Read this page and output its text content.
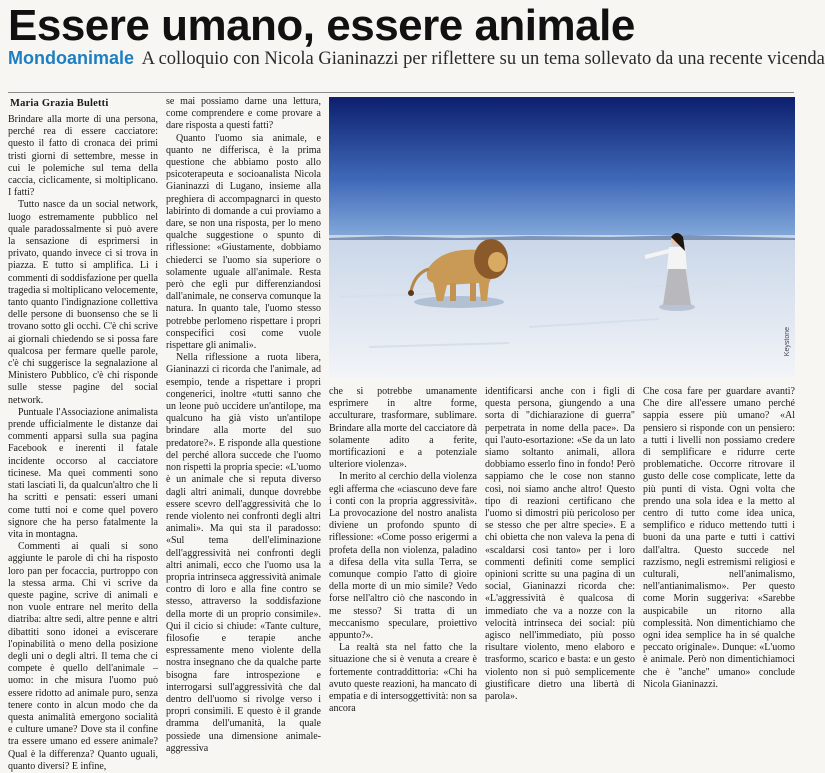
Essere umano, essere animale
Mondoanimale A colloquio con Nicola Gianinazzi per riflettere su un tema sollevato da una recente vicenda
Maria Grazia Buletti

Brindare alla morte di una persona, perché rea di essere cacciatore: questo il fatto di cronaca dei primi tristi giorni di settembre, messe in cui le polemiche sul tema della caccia, ciclicamente, si moltiplicano. I fatti?

Tutto nasce da un social network, luogo estremamente pubblico nel quale paradossalmente si può avere la sensazione di esprimersi in privato, quando invece ci si trova in piazza. E tutto si amplifica. Li i commenti di soddisfazione per quella tragedia si moltiplicano velocemente, tanto quanto l'indignazione collettiva delle persone di buonsenso che se li trovano sotto gli occhi. C'è chi scrive ai giornali chiedendo se si possa fare qualcosa per fermare quelle parole, c'è chi suggerisce la segnalazione al Ministero Pubblico, c'è chi risponde sulle stesse pagine del social network.

Puntuale l'Associazione animalista prende ufficialmente le distanze dai commenti apparsi sulla sua pagina Facebook e inerenti il fatale incidente occorso al cacciatore ticinese. Ma quei commenti sono stati lasciati lì, da qualcun'altro che li ha scritti e pensati: esseri umani come tutti noi e come quel povero signore che ha perso fatalmente la vita in montagna.

Commenti ai quali si sono aggiunte le parole di chi ha risposto loro pan per focaccia, purtroppo con la stessa arma. Chi vi scrive da queste pagine, scrive di animali e non vuole entrare nel merito della diatriba: altre sedi, altre penne e altri dibattiti sono idonei a eviscerare l'opinabilità o meno della posizione degli uni o degli altri. Il tema che ci compete è quello dell'animale – uomo: in che misura l'uomo può essere ridotto ad animale puro, senza tenere conto in alcun modo che da questa animalità emergono socialità e culture umane? Dove sta il confine tra essere umano ed essere animale? Qual è la differenza? Quanto uguali, quanto diversi? E infine,

se mai possiamo darne una lettura, come comprendere e come provare a dare risposta a questi fatti?

Quanto l'uomo sia animale, e quanto ne differisca, è la prima questione che abbiamo posto allo psicoterapeuta e socioanalista Nicola Gianinazzi di Lugano, insieme alla preghiera di accompagnarci in questo labirinto di domande a cui proviamo a dare, se non una risposta, per lo meno qualche suggestione o spunto di riflessione: «Giustamente, dobbiamo chiederci se l'uomo sia superiore o solamente uguale all'animale. Resta però che egli pur differenziandosi dall'animale, ne conserva comunque la natura. In quanto tale, l'uomo stesso potrebbe perlomeno rispettare i propri conspecifici così come vuole rispettare gli animali».

Nella riflessione a ruota libera, Gianinazzi ci ricorda che l'animale, ad esempio, tende a rispettare i propri congenerici, inoltre «tutti sanno che un leone può uccidere un'antilope, ma qualcuno ha già visto un'antilope brindare alla morte del suo predatore?». E risponde alla questione del perché allora succede che l'uomo non rispetti la propria specie: «L'uomo è un animale che si reputa diverso dagli altri animali, dunque dovrebbe essere scevro dell'aggressività che lo rende violento nei confronti degli altri animali». Ma qui sta il paradosso: «Sul tema dell'eliminazione dell'aggressività nei confronti degli altri animali, ecco che l'uomo usa la propria intrinseca aggressività animale contro di loro e alla fine contro se stesso, attraverso la soddisfazione della morte di un proprio consimile». Qui il cicio si chiude: «Tante culture, filosofie e terapie anche espressamente meno violente della nostra insegnano che da qualche parte bisogna fare introspezione e interrogarsi sull'aggressività che dal dentro dell'uomo si rivolge verso i propri consimili. E questo è il grande dramma dell'umanità, la quale possiede una dimensione animale-aggressiva

Keystone

che si potrebbe umanamente esprimere in altre forme, acculturare, trasformare, sublimare. Brindare alla morte del cacciatore dà solamente adito a ferite, mortificazioni e a potenziale ulteriore violenza».

In merito al cerchio della violenza egli afferma che «ciascuno deve fare i conti con la propria aggressività». La provocazione del nostro analista diviene un profondo spunto di riflessione: «Come posso erigermi a profeta della non violenza, paladino a difesa della vita sulla Terra, se comunque compio l'atto di gioire della morte di un mio simile? Vedo forse nell'altro ciò che nascondo in me stesso? Si tratta di un meccanismo speculare, proiettivo appunto?».

La realtà sta nel fatto che la situazione che si è venuta a creare è fortemente contraddittoria: «Chi ha avuto queste reazioni, ha mancato di empatia e di intersoggettività: non sa ancora

identificarsi anche con i figli di questa persona, giungendo a una sorta di "dichiarazione di guerra" perpetrata in nome della pace». Da qui l'auto-esortazione: «Se da un lato siamo soltanto animali, allora dobbiamo esserlo fino in fondo! Però sappiamo che le cose non stanno così, noi siamo anche altro! Questo tipo di reazioni certificano che l'uomo si dimostri più pericoloso per se stesso che per altre specie». E a chi obietta che non valeva la pena di «scaldarsi così tanto» per i loro commenti definiti come semplici opinioni scritte su una pagina di un social, Gianinazzi ricorda che: «L'aggressività è qualcosa di immediato che va a nozze con la velocità intrinseca dei social: più agisco nell'immediato, più posso risultare violento, meno elaboro e trasformo, scarico e basta: e un gesto violento non si può semplicemente giustificare dietro una libertà di parola».

Che cosa fare per guardare avanti? Che dire all'essere umano perché sappia essere più umano? «Al pensiero si risponde con un pensiero: a tutti i livelli non possiamo credere di semplificare e ridurre certe problematiche. Occorre ritrovare il gusto delle cose complicate, lette da più punti di vista. Ogni volta che prendo una sola idea e la metto al centro di tutto come idea unica, semplifico e riduco mettendo tutti i buoni da una parte e tutti i cattivi dall'altra. Questo succede nel razzismo, negli estremismi religiosi e culturali, nell'animalismo, nell'antianimalismo». Per questo come Morin suggeriva: «Sarebbe auspicabile un ritorno alla complessità. Non dimentichiamo che ogni idea semplice ha in sé qualche peccato originale». Dunque: «L'uomo è animale. Però non dimentichiamoci che è "anche" umano» conclude Nicola Gianinazzi.
